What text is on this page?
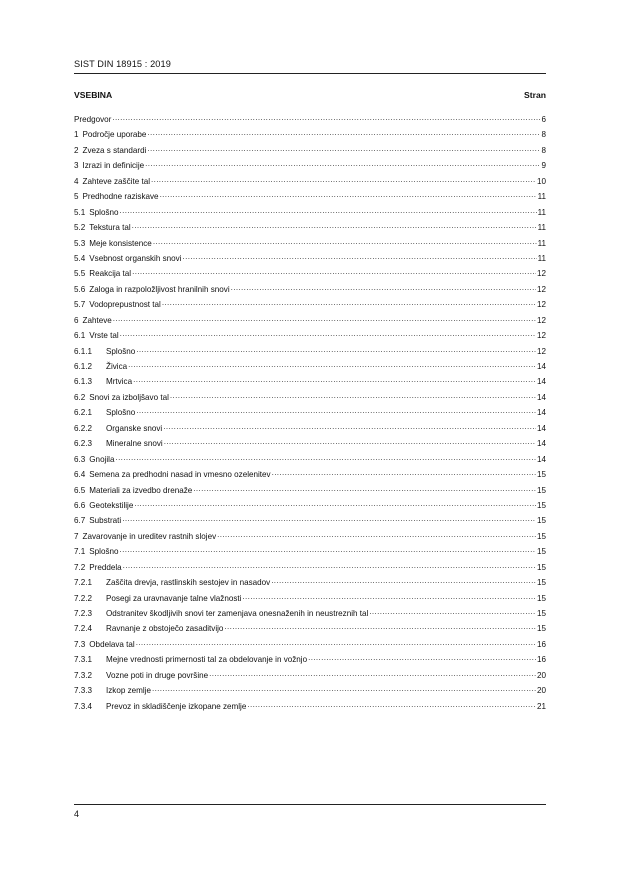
SIST DIN 18915 : 2019
VSEBINA	Stran
Predgovor .....	6
1 Področje uporabe .....	8
2 Zveza s standardi .....	8
3 Izrazi in definicije .....	9
4 Zahteve zaščite tal .....	10
5 Predhodne raziskave .....	11
5.1 Splošno .....	11
5.2 Tekstura tal .....	11
5.3 Meje konsistence .....	11
5.4 Vsebnost organskih snovi .....	11
5.5 Reakcija tal .....	12
5.6 Zaloga in razpoložljivost hranilnih snovi .....	12
5.7 Vodoprepustnost tal .....	12
6 Zahteve .....	12
6.1 Vrste tal .....	12
6.1.1	Splošno .....	12
6.1.2	Živica .....	14
6.1.3	Mrtvica .....	14
6.2 Snovi za izboljšavo tal .....	14
6.2.1	Splošno .....	14
6.2.2	Organske snovi .....	14
6.2.3	Mineralne snovi .....	14
6.3 Gnojila .....	14
6.4 Semena za predhodni nasad in vmesno ozelenitev .....	15
6.5 Materiali za izvedbo drenaže .....	15
6.6 Geotekstilije .....	15
6.7 Substrati .....	15
7 Zavarovanje in ureditev rastnih slojev .....	15
7.1 Splošno .....	15
7.2 Preddela .....	15
7.2.1	Zaščita drevja, rastlinskih sestojev in nasadov .....	15
7.2.2	Posegi za uravnavanje talne vlažnosti .....	15
7.2.3	Odstranitev škodljivih snovi ter zamenjava onesnaženih in neustreznih tal .....	15
7.2.4	Ravnanje z obstoječo zasaditvijo .....	15
7.3 Obdelava tal .....	16
7.3.1	Mejne vrednosti primernosti tal za obdelovanje in vožnjo .....	16
7.3.2	Vozne poti in druge površine .....	20
7.3.3	Izkop zemlje .....	20
7.3.4	Prevoz in skladiščenje izkopane zemlje .....	21
4
